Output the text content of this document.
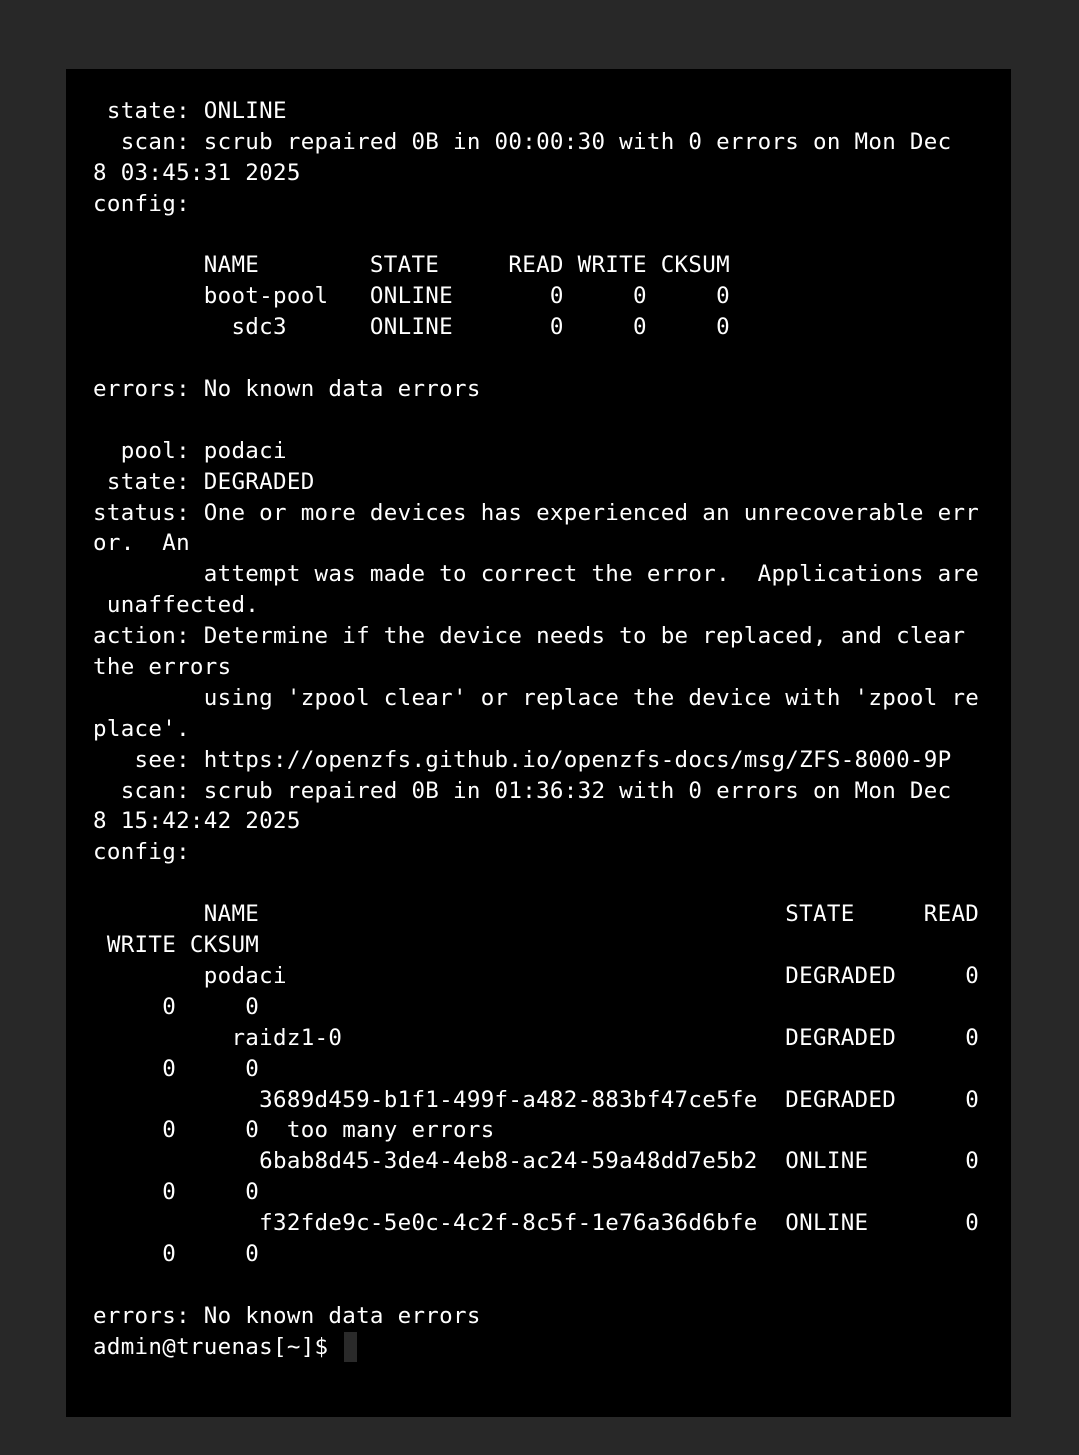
state: ONLINE
scan: scrub repaired 0B in 00:00:30 with 0 errors on Mon Dec
8 03:45:31 2025
config:
NAME        STATE     READ WRITE CKSUM
boot-pool   ONLINE       0     0     0
sdc3      ONLINE       0     0     0
errors: No known data errors
pool: podaci
state: DEGRADED
status: One or more devices has experienced an unrecoverable err
or.  An
attempt was made to correct the error.  Applications are
unaffected.
action: Determine if the device needs to be replaced, and clear
the errors
using 'zpool clear' or replace the device with 'zpool re
place'.
see: https://openzfs.github.io/openzfs-docs/msg/ZFS-8000-9P
scan: scrub repaired 0B in 01:36:32 with 0 errors on Mon Dec
8 15:42:42 2025
config:
NAME                                      STATE     READ
WRITE CKSUM
podaci                                    DEGRADED     0
0     0
raidz1-0                                DEGRADED     0
0     0
3689d459-b1f1-499f-a482-883bf47ce5fe  DEGRADED     0
0     0  too many errors
6bab8d45-3de4-4eb8-ac24-59a48dd7e5b2  ONLINE       0
0     0
f32fde9c-5e0c-4c2f-8c5f-1e76a36d6bfe  ONLINE       0
0     0
errors: No known data errors
admin@truenas[~]$
